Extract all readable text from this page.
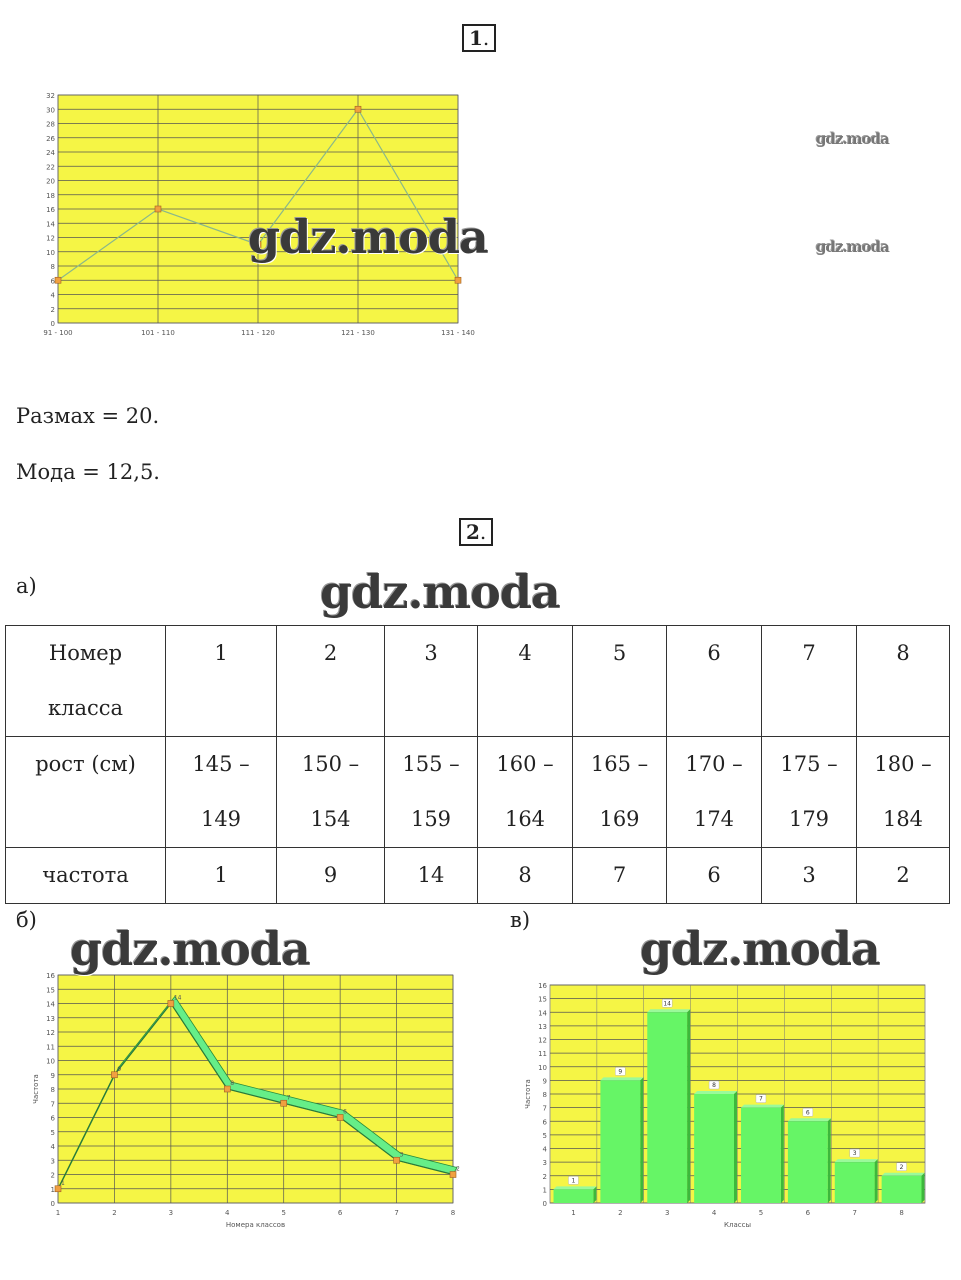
1.
0
2
4
6
8
10
12
14
16
18
20
22
24
26
28
30
32
91 - 100	101 - 110	111 - 120	121 - 130	131 - 140
gdz.moda
gdz.moda
gdz.moda
Размах = 20.
Мода = 12,5.
2.
а)	gdz.moda
Номер класса	1	2	3	4	5	6	7	8
рост (см)	145 – 149	150 – 154	155 – 159	160 – 164	165 – 169	170 – 174	175 – 179	180 – 184
частота	1	9	14	8	7	6	3	2
б)	в)
0
1
2
3
4
5
6
7
8
9
10
11
12
13
14
15
16
1	2	3	4	5	6	7	8
Номера классов
Частота
1
9
14
8
7
6
3
2
0
1
2
3
4
5
6
7
8
9
10
11
12
13
14
15
16
1	2	3	4	5	6	7	8
Классы
Частота
1
9
14
8
7
6
3
2
gdz.moda	gdz.moda
